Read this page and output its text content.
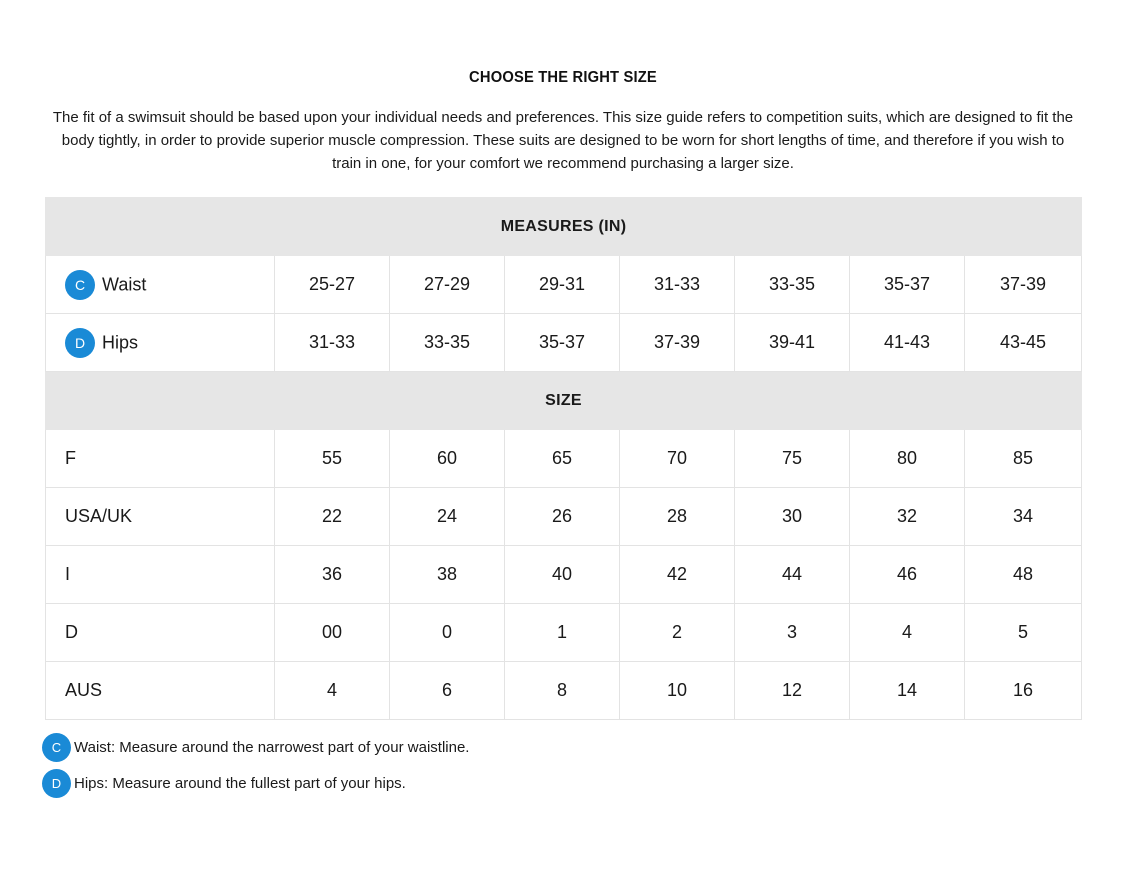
CHOOSE THE RIGHT SIZE
The fit of a swimsuit should be based upon your individual needs and preferences. This size guide refers to competition suits, which are designed to fit the body tightly, in order to provide superior muscle compression. These suits are designed to be worn for short lengths of time, and therefore if you wish to train in one, for your comfort we recommend purchasing a larger size.
MEASURES (IN)							
C Waist	25-27	27-29	29-31	31-33	33-35	35-37	37-39
D Hips	31-33	33-35	35-37	37-39	39-41	41-43	43-45
SIZE							
F	55	60	65	70	75	80	85
USA/UK	22	24	26	28	30	32	34
I	36	38	40	42	44	46	48
D	00	0	1	2	3	4	5
AUS	4	6	8	10	12	14	16
C Waist: Measure around the narrowest part of your waistline.
D Hips: Measure around the fullest part of your hips.
